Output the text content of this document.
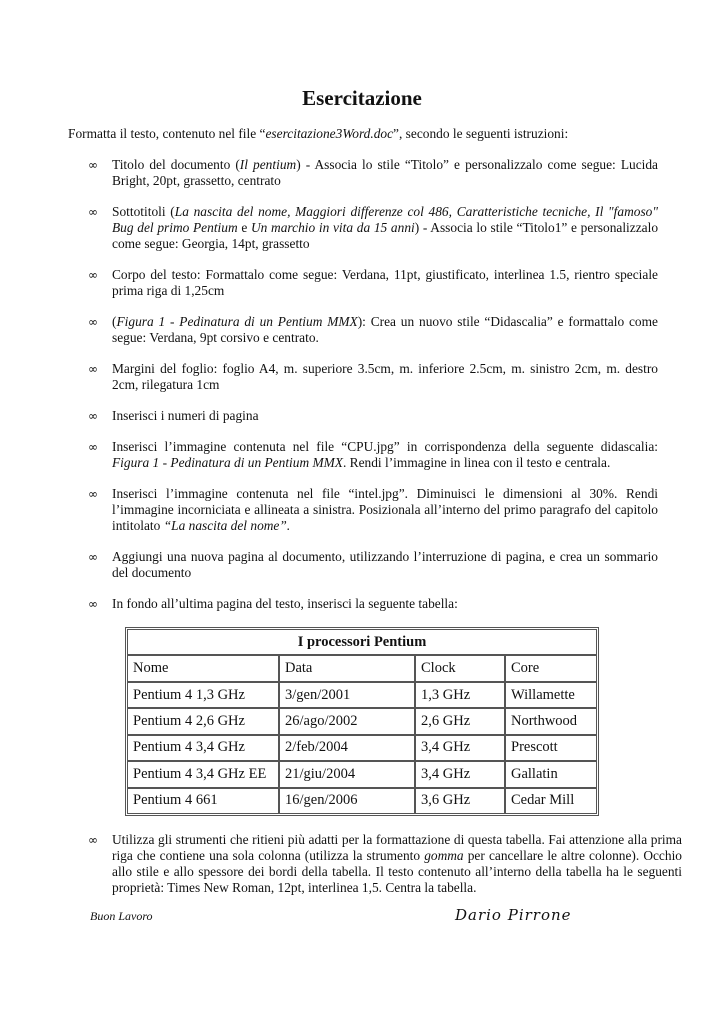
Esercitazione

Formatta il testo, contenuto nel file “esercitazione3Word.doc”, secondo le seguenti istruzioni:

∞ Titolo del documento (Il pentium) - Associa lo stile “Titolo” e personalizzalo come segue: Lucida Bright, 20pt, grassetto, centrato
∞ Sottotitoli (La nascita del nome, Maggiori differenze col 486, Caratteristiche tecniche, Il "famoso" Bug del primo Pentium e Un marchio in vita da 15 anni) - Associa lo stile “Titolo1” e personalizzalo come segue: Georgia, 14pt, grassetto
∞ Corpo del testo: Formattalo come segue: Verdana, 11pt, giustificato, interlinea 1.5, rientro speciale prima riga di 1,25cm
∞ (Figura 1 - Pedinatura di un Pentium MMX): Crea un nuovo stile “Didascalia” e formattalo come segue: Verdana, 9pt corsivo e centrato.
∞ Margini del foglio: foglio A4, m. superiore 3.5cm, m. inferiore 2.5cm, m. sinistro 2cm, m. destro 2cm, rilegatura 1cm
∞ Inserisci i numeri di pagina
∞ Inserisci l’immagine contenuta nel file “CPU.jpg” in corrispondenza della seguente didascalia: Figura 1 - Pedinatura di un Pentium MMX. Rendi l’immagine in linea con il testo e centrala.
∞ Inserisci l’immagine contenuta nel file “intel.jpg”. Diminuisci le dimensioni al 30%. Rendi l’immagine incorniciata e allineata a sinistra. Posizionala all’interno del primo paragrafo del capitolo intitolato “La nascita del nome”.
∞ Aggiungi una nuova pagina al documento, utilizzando l’interruzione di pagina, e crea un sommario del documento
∞ In fondo all’ultima pagina del testo, inserisci la seguente tabella:
I processori Pentium			
Nome	Data	Clock	Core
Pentium 4 1,3 GHz	3/gen/2001	1,3 GHz	Willamette
Pentium 4 2,6 GHz	26/ago/2002	2,6 GHz	Northwood
Pentium 4 3,4 GHz	2/feb/2004	3,4 GHz	Prescott
Pentium 4 3,4 GHz EE	21/giu/2004	3,4 GHz	Gallatin
Pentium 4 661	16/gen/2006	3,6 GHz	Cedar Mill
∞ Utilizza gli strumenti che ritieni più adatti per la formattazione di questa tabella. Fai attenzione alla prima riga che contiene una sola colonna (utilizza la strumento gomma per cancellare le altre colonne). Occhio allo stile e allo spessore dei bordi della tabella. Il testo contenuto all’interno della tabella ha le seguenti proprietà: Times New Roman, 12pt, interlinea 1,5. Centra la tabella.
Buon Lavoro	Dario Pirrone
